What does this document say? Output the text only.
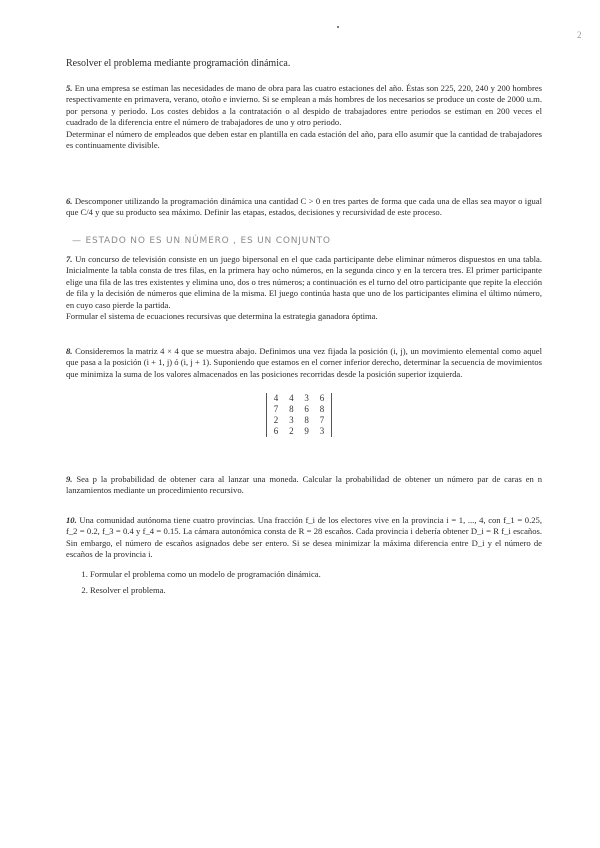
2
Resolver el problema mediante programación dinámica.

5. En una empresa se estiman las necesidades de mano de obra para las cuatro estaciones del año. Éstas son 225, 220, 240 y 200 hombres respectivamente en primavera, verano, otoño e invierno. Si se emplean a más hombres de los necesarios se produce un coste de 2000 u.m. por persona y periodo. Los costes debidos a la contratación o al despido de trabajadores entre periodos se estiman en 200 veces el cuadrado de la diferencia entre el número de trabajadores de uno y otro periodo.

Determinar el número de empleados que deben estar en plantilla en cada estación del año, para ello asumir que la cantidad de trabajadores es continuamente divisible.

6. Descomponer utilizando la programación dinámica una cantidad C > 0 en tres partes de forma que cada una de ellas sea mayor o igual que C/4 y que su producto sea máximo. Definir las etapas, estados, decisiones y recursividad de este proceso.

— ESTADO NO ES UN NÚMERO , ES UN CONJUNTO

7. Un concurso de televisión consiste en un juego bipersonal en el que cada participante debe eliminar números dispuestos en una tabla. Inicialmente la tabla consta de tres filas, en la primera hay ocho números, en la segunda cinco y en la tercera tres. El primer participante elige una fila de las tres existentes y elimina uno, dos o tres números; a continuación es el turno del otro participante que repite la elección de fila y la decisión de números que elimina de la misma. El juego continúa hasta que uno de los participantes elimina el último número, en cuyo caso pierde la partida.

Formular el sistema de ecuaciones recursivas que determina la estrategia ganadora óptima.

8. Consideremos la matriz 4 × 4 que se muestra abajo. Definimos una vez fijada la posición (i, j), un movimiento elemental como aquel que pasa a la posición (i + 1, j) ó (i, j + 1). Suponiendo que estamos en el corner inferior derecho, determinar la secuencia de movimientos que minimiza la suma de los valores almacenados en las posiciones recorridas desde la posición superior izquierda.

4	4	3	6
7	8	6	8
2	3	8	7
6	2	9	3

9. Sea p la probabilidad de obtener cara al lanzar una moneda. Calcular la probabilidad de obtener un número par de caras en n lanzamientos mediante un procedimiento recursivo.

10. Una comunidad autónoma tiene cuatro provincias. Una fracción f_i de los electores vive en la provincia i = 1, ..., 4, con f_1 = 0.25, f_2 = 0.2, f_3 = 0.4 y f_4 = 0.15. La cámara autonómica consta de R = 28 escaños. Cada provincia i debería obtener D_i = R f_i escaños. Sin embargo, el número de escaños asignados debe ser entero. Si se desea minimizar la máxima diferencia entre D_i y el número de escaños de la provincia i.

1. Formular el problema como un modelo de programación dinámica.
2. Resolver el problema.
